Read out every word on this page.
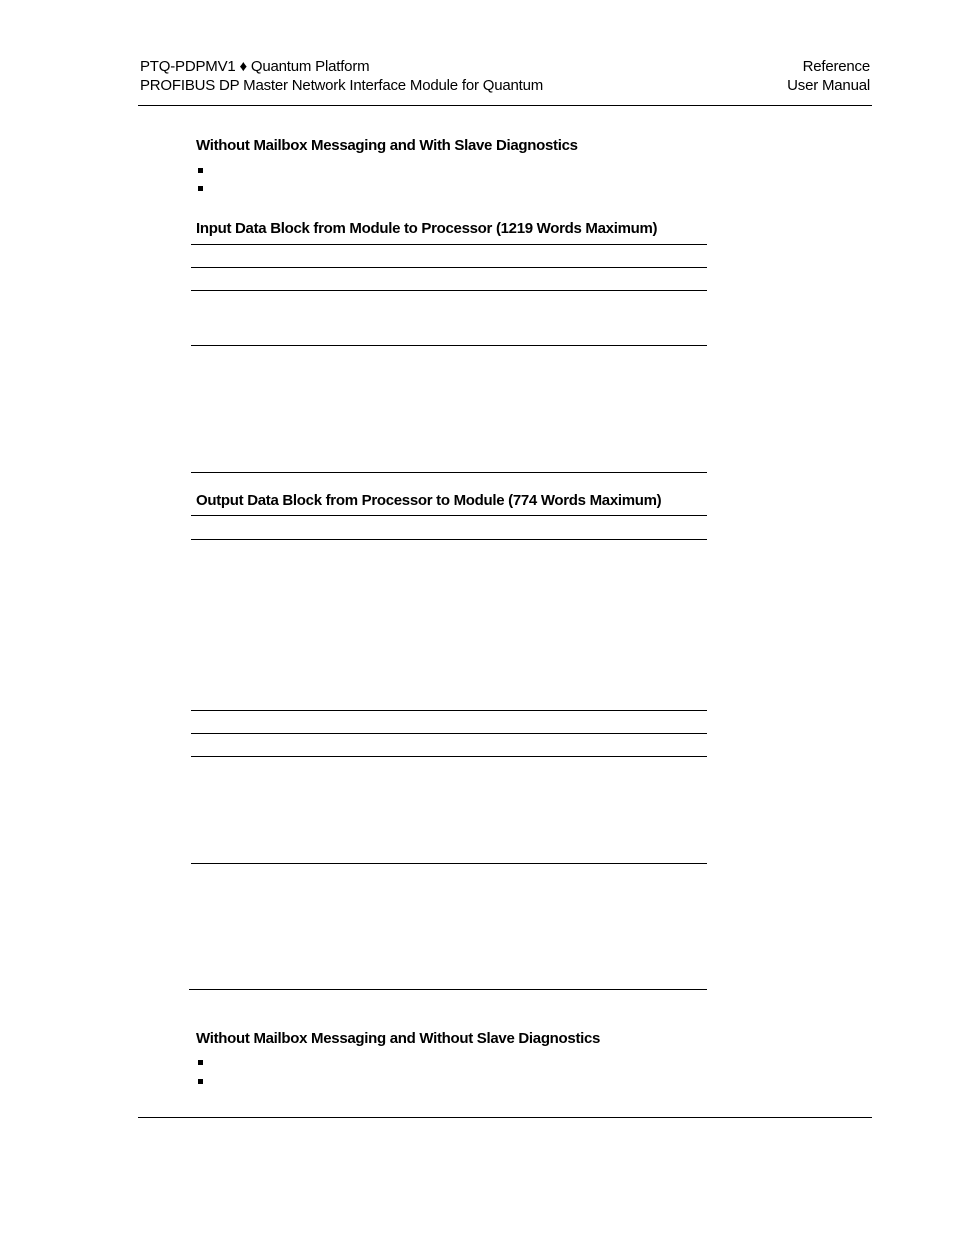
PTQ-PDPMV1 ♦ Quantum Platform
PROFIBUS DP Master Network Interface Module for Quantum
Reference
User Manual
Without Mailbox Messaging and With Slave Diagnostics
Input Data Block from Module to Processor (1219 Words Maximum)
Output Data Block from Processor to Module (774 Words Maximum)
Without Mailbox Messaging and Without Slave Diagnostics
